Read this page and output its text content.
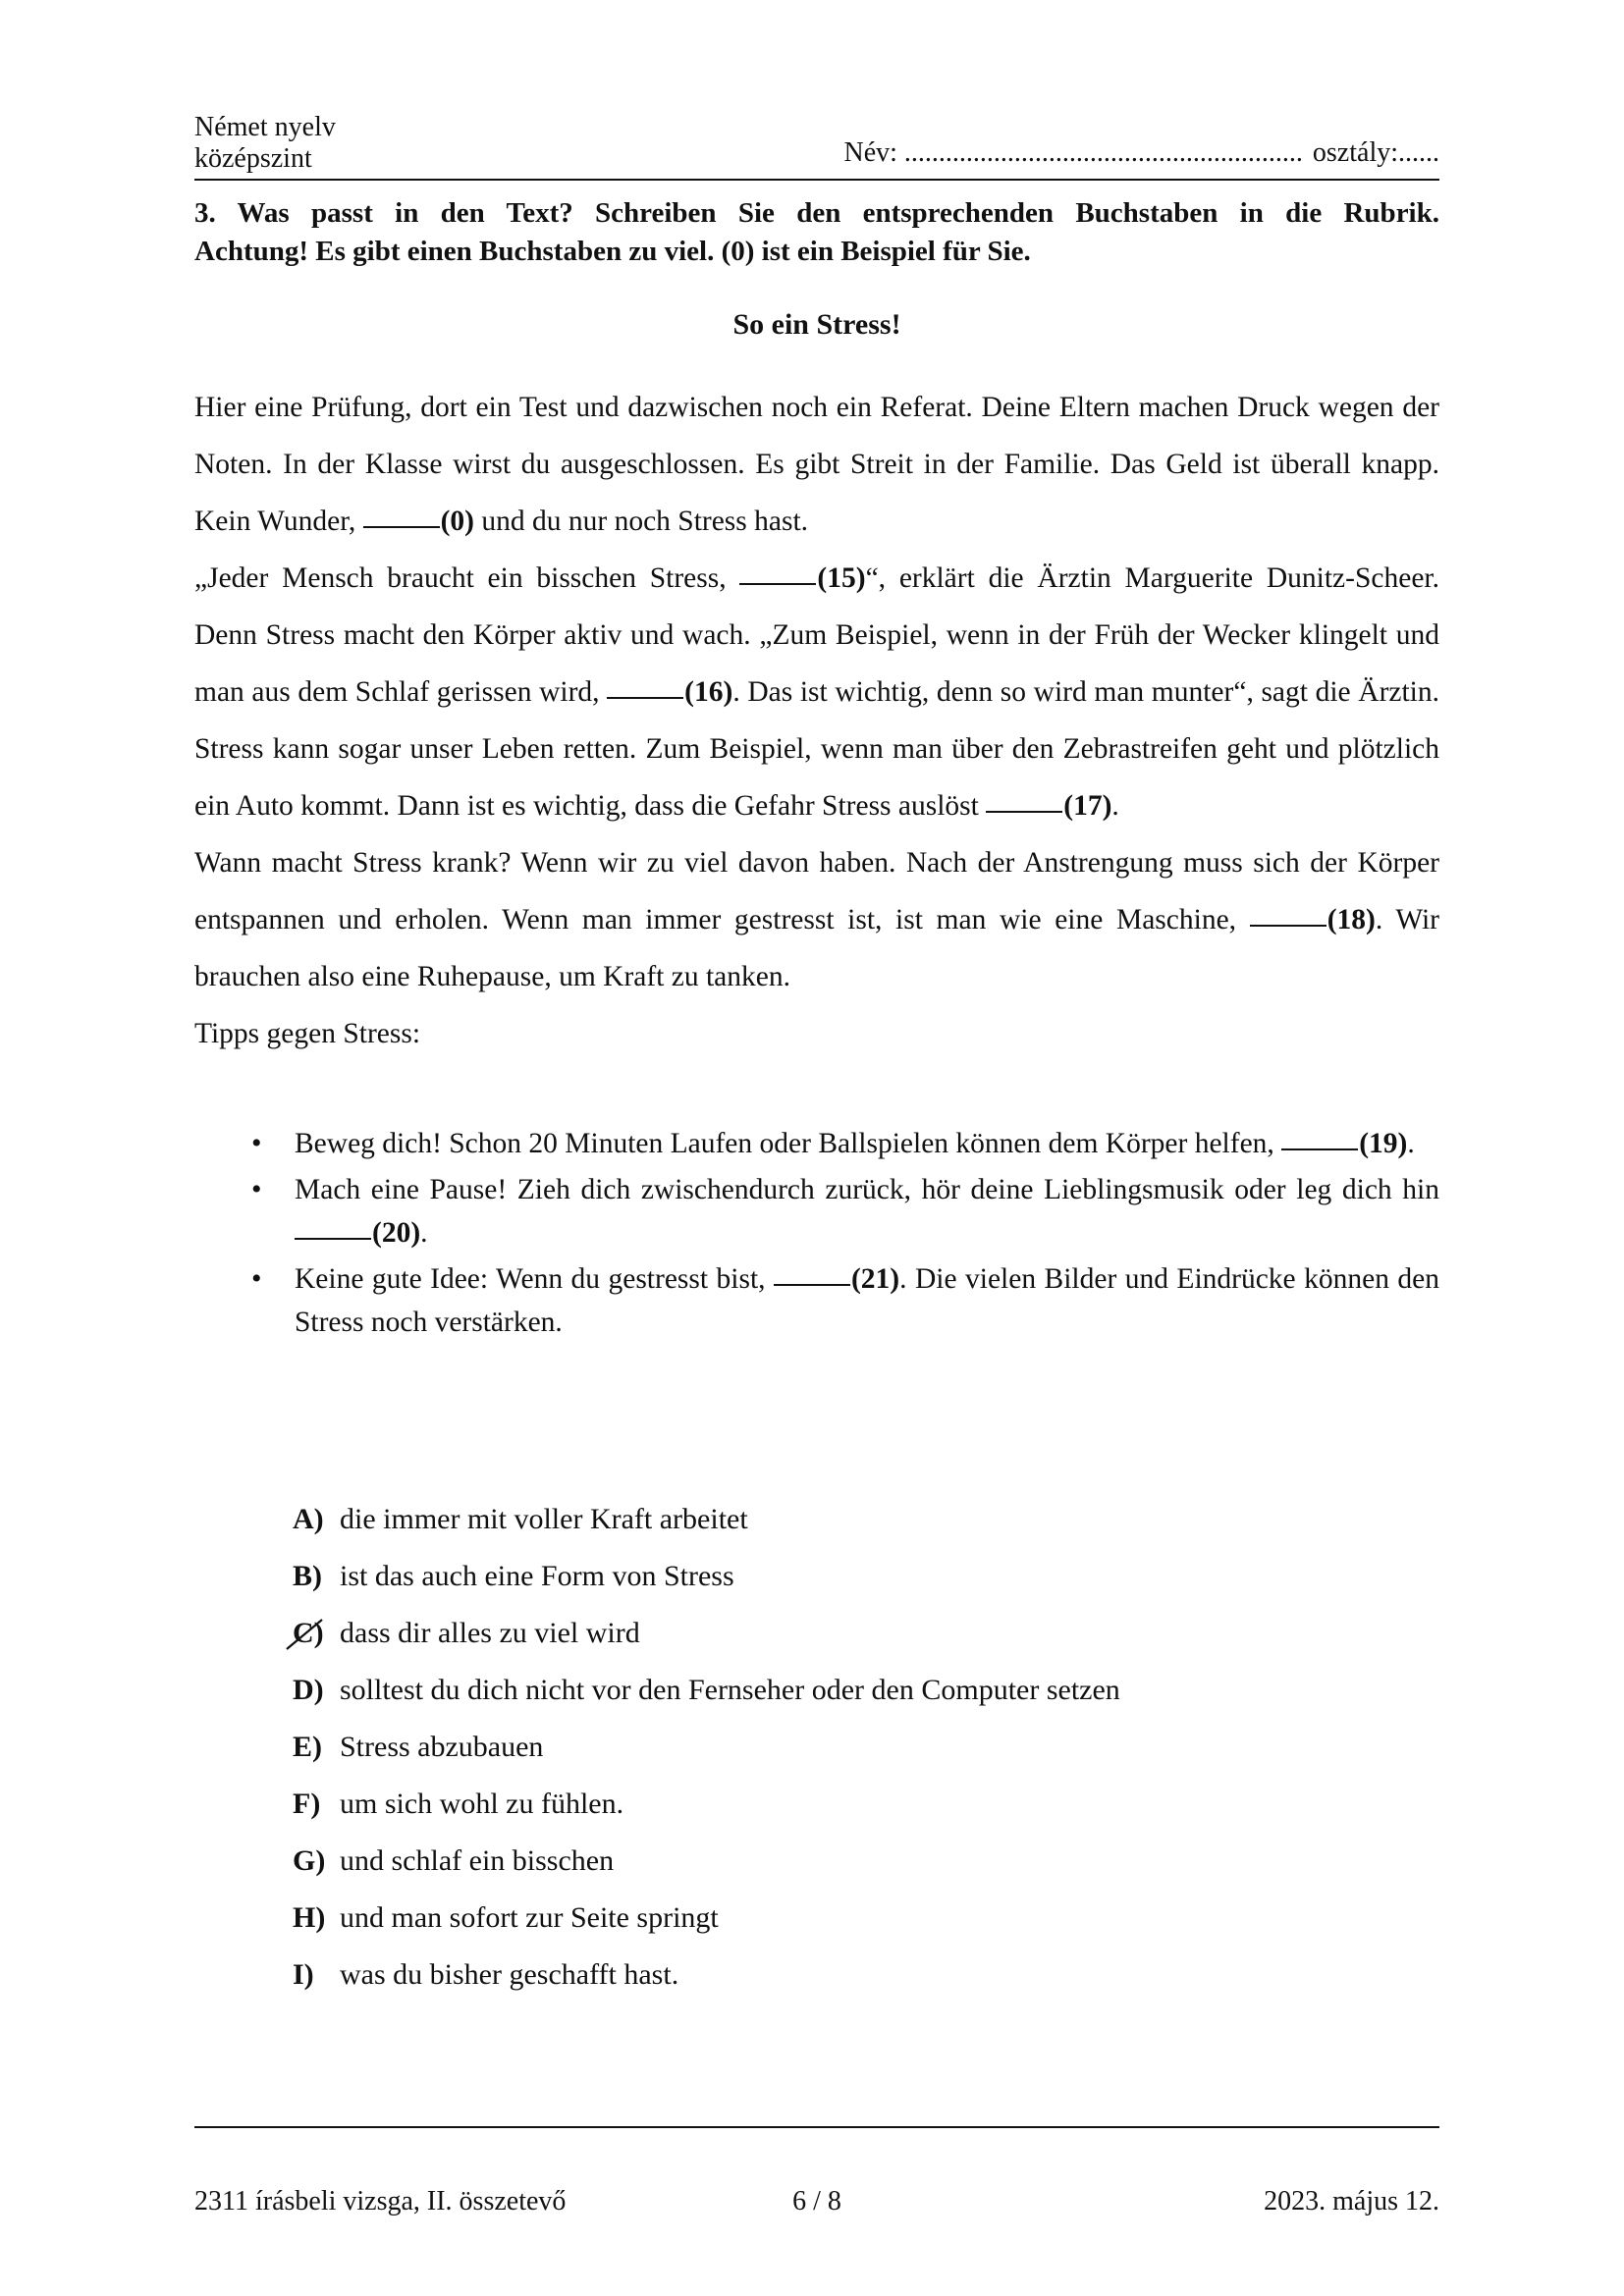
Német nyelv
középszint	Név: .......................................................... osztály:......
3. Was passt in den Text? Schreiben Sie den entsprechenden Buchstaben in die Rubrik.
Achtung! Es gibt einen Buchstaben zu viel. (0) ist ein Beispiel für Sie.
So ein Stress!

Hier eine Prüfung, dort ein Test und dazwischen noch ein Referat. Deine Eltern machen Druck wegen der Noten. In der Klasse wirst du ausgeschlossen. Es gibt Streit in der Familie. Das Geld ist überall knapp. Kein Wunder,	(0) und du nur noch Stress hast.

„Jeder Mensch braucht ein bisschen Stress,	(15)“, erklärt die Ärztin Marguerite Dunitz-Scheer. Denn Stress macht den Körper aktiv und wach. „Zum Beispiel, wenn in der Früh der Wecker klingelt und man aus dem Schlaf gerissen wird,	(16). Das ist wichtig, denn so wird man munter“, sagt die Ärztin. Stress kann sogar unser Leben retten. Zum Beispiel, wenn man über den Zebrastreifen geht und plötzlich ein Auto kommt. Dann ist es wichtig, dass die Gefahr Stress auslöst	(17).

Wann macht Stress krank? Wenn wir zu viel davon haben. Nach der Anstrengung muss sich der Körper entspannen und erholen. Wenn man immer gestresst ist, ist man wie eine Maschine,	(18). Wir brauchen also eine Ruhepause, um Kraft zu tanken.

Tipps gegen Stress:

• Beweg dich! Schon 20 Minuten Laufen oder Ballspielen können dem Körper helfen,	(19).
• Mach eine Pause! Zieh dich zwischendurch zurück, hör deine Lieblingsmusik oder leg dich hin (20).
• Keine gute Idee: Wenn du gestresst bist,	(21). Die vielen Bilder und Eindrücke können den Stress noch verstärken.
A) die immer mit voller Kraft arbeitet
B) ist das auch eine Form von Stress
C) dass dir alles zu viel wird
D) solltest du dich nicht vor den Fernseher oder den Computer setzen
E) Stress abzubauen
F) um sich wohl zu fühlen.
G) und schlaf ein bisschen
H) und man sofort zur Seite springt
I) was du bisher geschafft hast.
2311 írásbeli vizsga, II. összetevő	6 / 8	2023. május 12.
